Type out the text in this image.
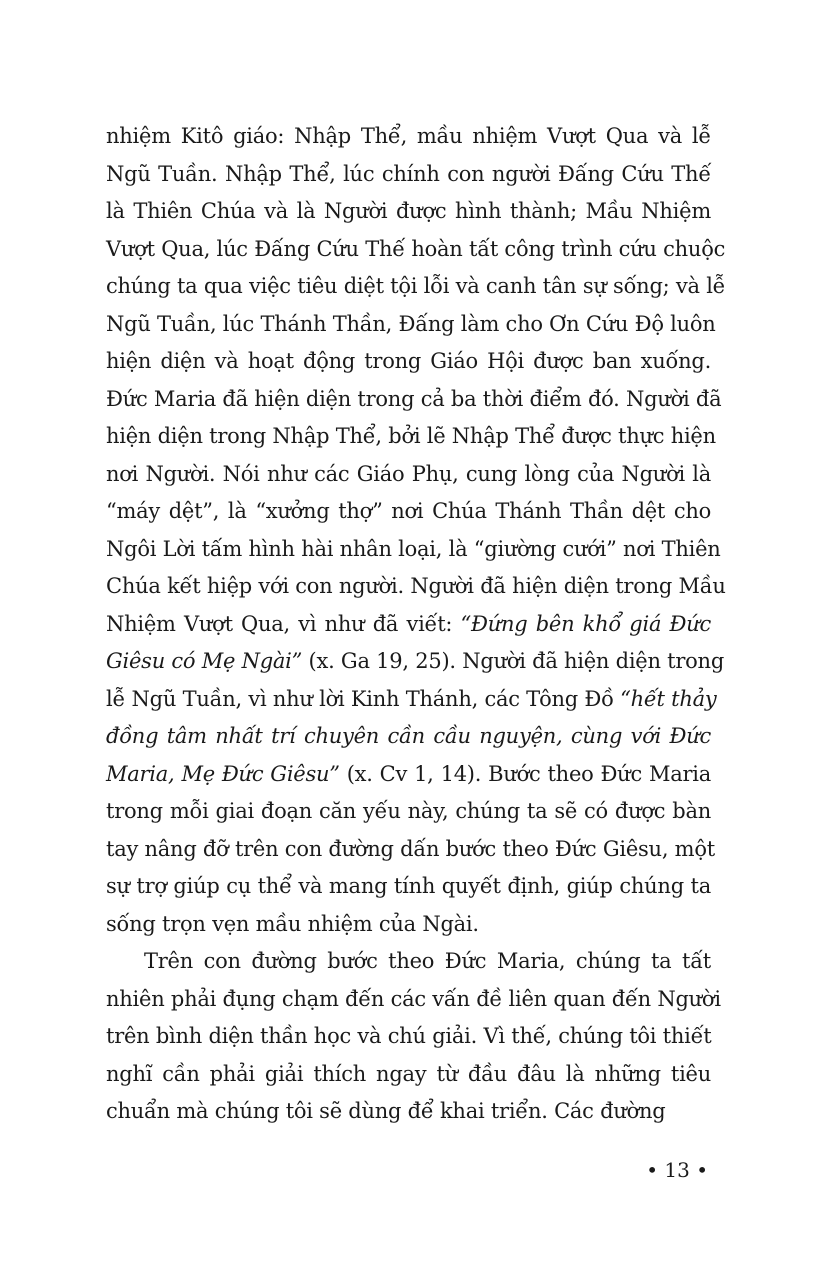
nhiệm Kitô giáo: Nhập Thể, mầu nhiệm Vượt Qua và lễ
Ngũ Tuần. Nhập Thể, lúc chính con người Đấng Cứu Thế
là Thiên Chúa và là Người được hình thành; Mầu Nhiệm
Vượt Qua, lúc Đấng Cứu Thế hoàn tất công trình cứu chuộc
chúng ta qua việc tiêu diệt tội lỗi và canh tân sự sống; và lễ
Ngũ Tuần, lúc Thánh Thần, Đấng làm cho Ơn Cứu Độ luôn
hiện diện và hoạt động trong Giáo Hội được ban xuống.
Đức Maria đã hiện diện trong cả ba thời điểm đó. Người đã
hiện diện trong Nhập Thể, bởi lẽ Nhập Thể được thực hiện
nơi Người. Nói như các Giáo Phụ, cung lòng của Người là
“máy dệt”, là “xưởng thợ” nơi Chúa Thánh Thần dệt cho
Ngôi Lời tấm hình hài nhân loại, là “giường cưới” nơi Thiên
Chúa kết hiệp với con người. Người đã hiện diện trong Mầu
Nhiệm Vượt Qua, vì như đã viết: “Đứng bên khổ giá Đức
Giêsu có Mẹ Ngài” (x. Ga 19, 25). Người đã hiện diện trong
lễ Ngũ Tuần, vì như lời Kinh Thánh, các Tông Đồ “hết thảy
đồng tâm nhất trí chuyên cần cầu nguyện, cùng với Đức
Maria, Mẹ Đức Giêsu” (x. Cv 1, 14). Bước theo Đức Maria
trong mỗi giai đoạn căn yếu này, chúng ta sẽ có được bàn
tay nâng đỡ trên con đường dấn bước theo Đức Giêsu, một
sự trợ giúp cụ thể và mang tính quyết định, giúp chúng ta
sống trọn vẹn mầu nhiệm của Ngài.
Trên con đường bước theo Đức Maria, chúng ta tất
nhiên phải đụng chạm đến các vấn đề liên quan đến Người
trên bình diện thần học và chú giải. Vì thế, chúng tôi thiết
nghĩ cần phải giải thích ngay từ đầu đâu là những tiêu
chuẩn mà chúng tôi sẽ dùng để khai triển. Các đường
• 13 •
